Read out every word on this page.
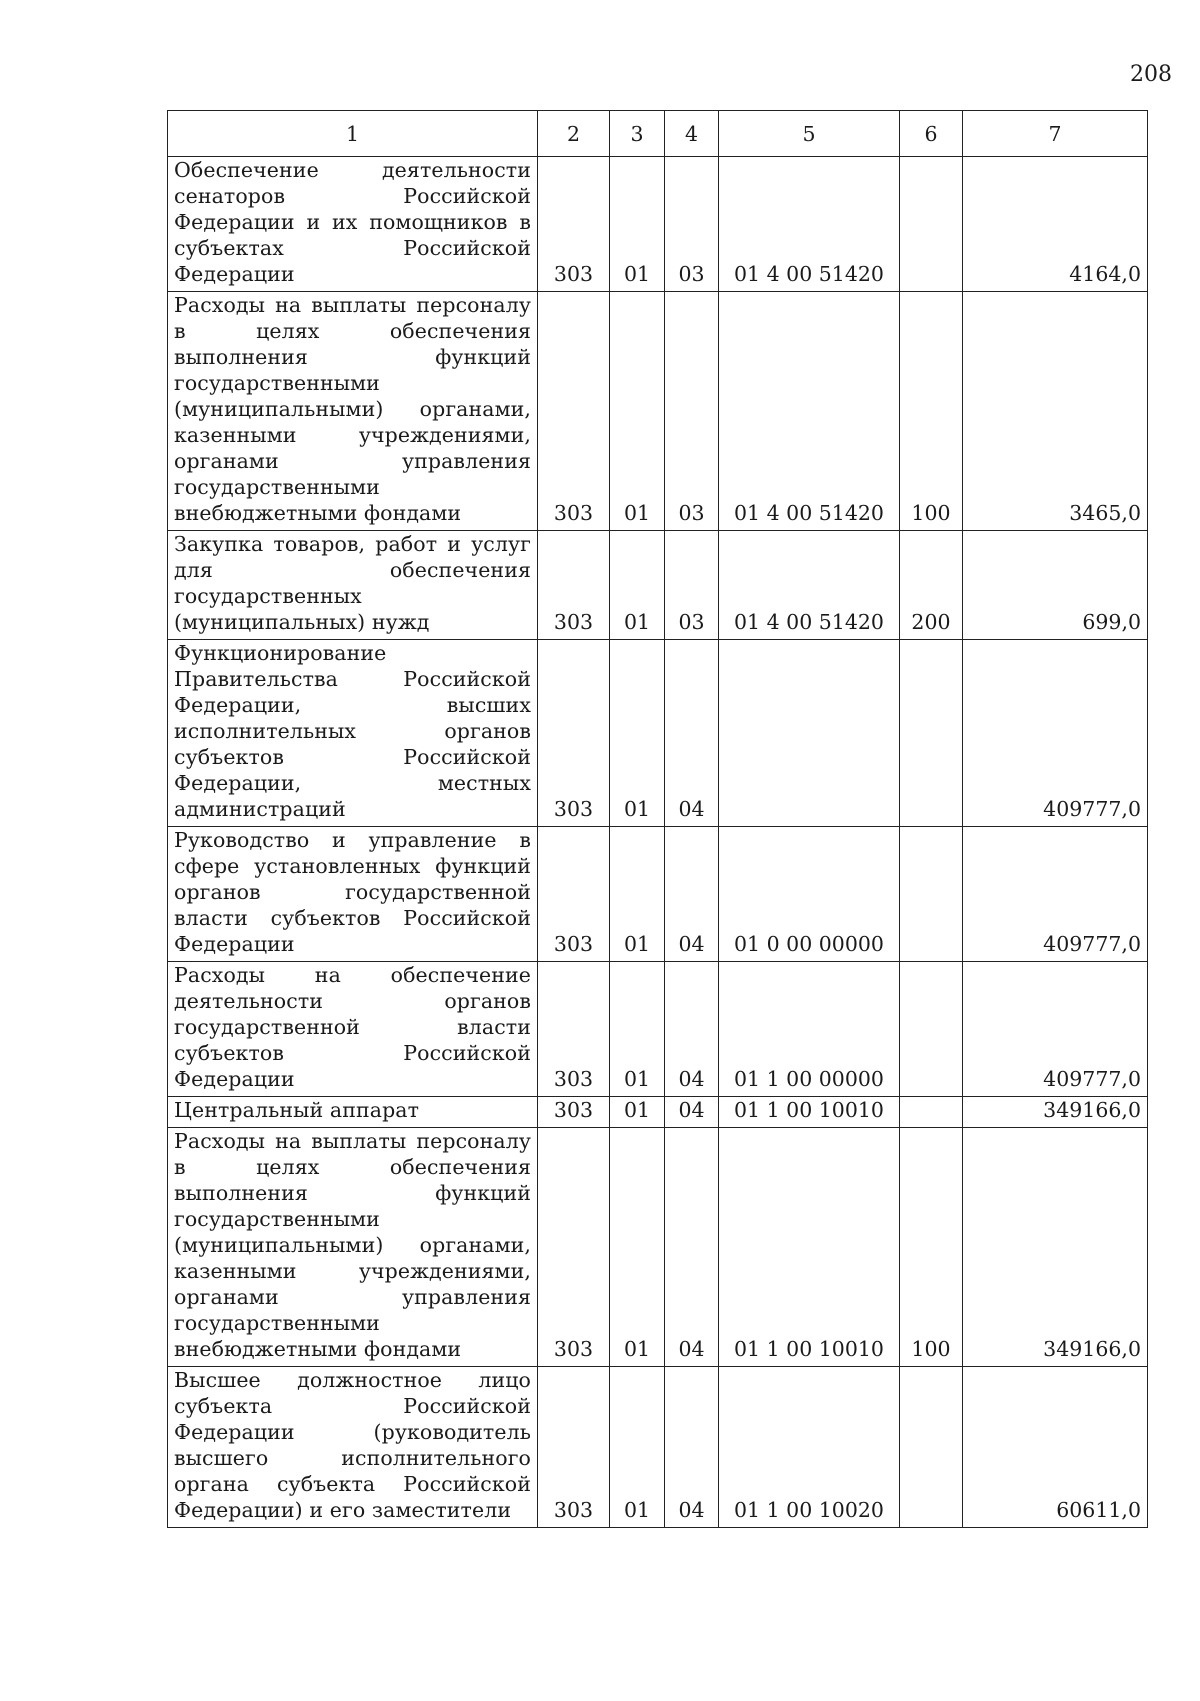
208
1	2	3	4	5	6	7
Обеспечение деятельности сенаторов Российской Федерации и их помощников в субъектах Российской Федерации	303	01	03	01 4 00 51420		4164,0
Расходы на выплаты персоналу в целях обеспечения выполнения функций государственными (муниципальными) органами, казенными учреждениями, органами управления государственными внебюджетными фондами	303	01	03	01 4 00 51420	100	3465,0
Закупка товаров, работ и услуг для обеспечения государственных (муниципальных) нужд	303	01	03	01 4 00 51420	200	699,0
Функционирование Правительства Российской Федерации, высших исполнительных органов субъектов Российской Федерации, местных администраций	303	01	04			409777,0
Руководство и управление в сфере установленных функций органов государственной власти субъектов Российской Федерации	303	01	04	01 0 00 00000		409777,0
Расходы на обеспечение деятельности органов государственной власти субъектов Российской Федерации	303	01	04	01 1 00 00000		409777,0
Центральный аппарат	303	01	04	01 1 00 10010		349166,0
Расходы на выплаты персоналу в целях обеспечения выполнения функций государственными (муниципальными) органами, казенными учреждениями, органами управления государственными внебюджетными фондами	303	01	04	01 1 00 10010	100	349166,0
Высшее должностное лицо субъекта Российской Федерации (руководитель высшего исполнительного органа субъекта Российской Федерации) и его заместители	303	01	04	01 1 00 10020		60611,0
